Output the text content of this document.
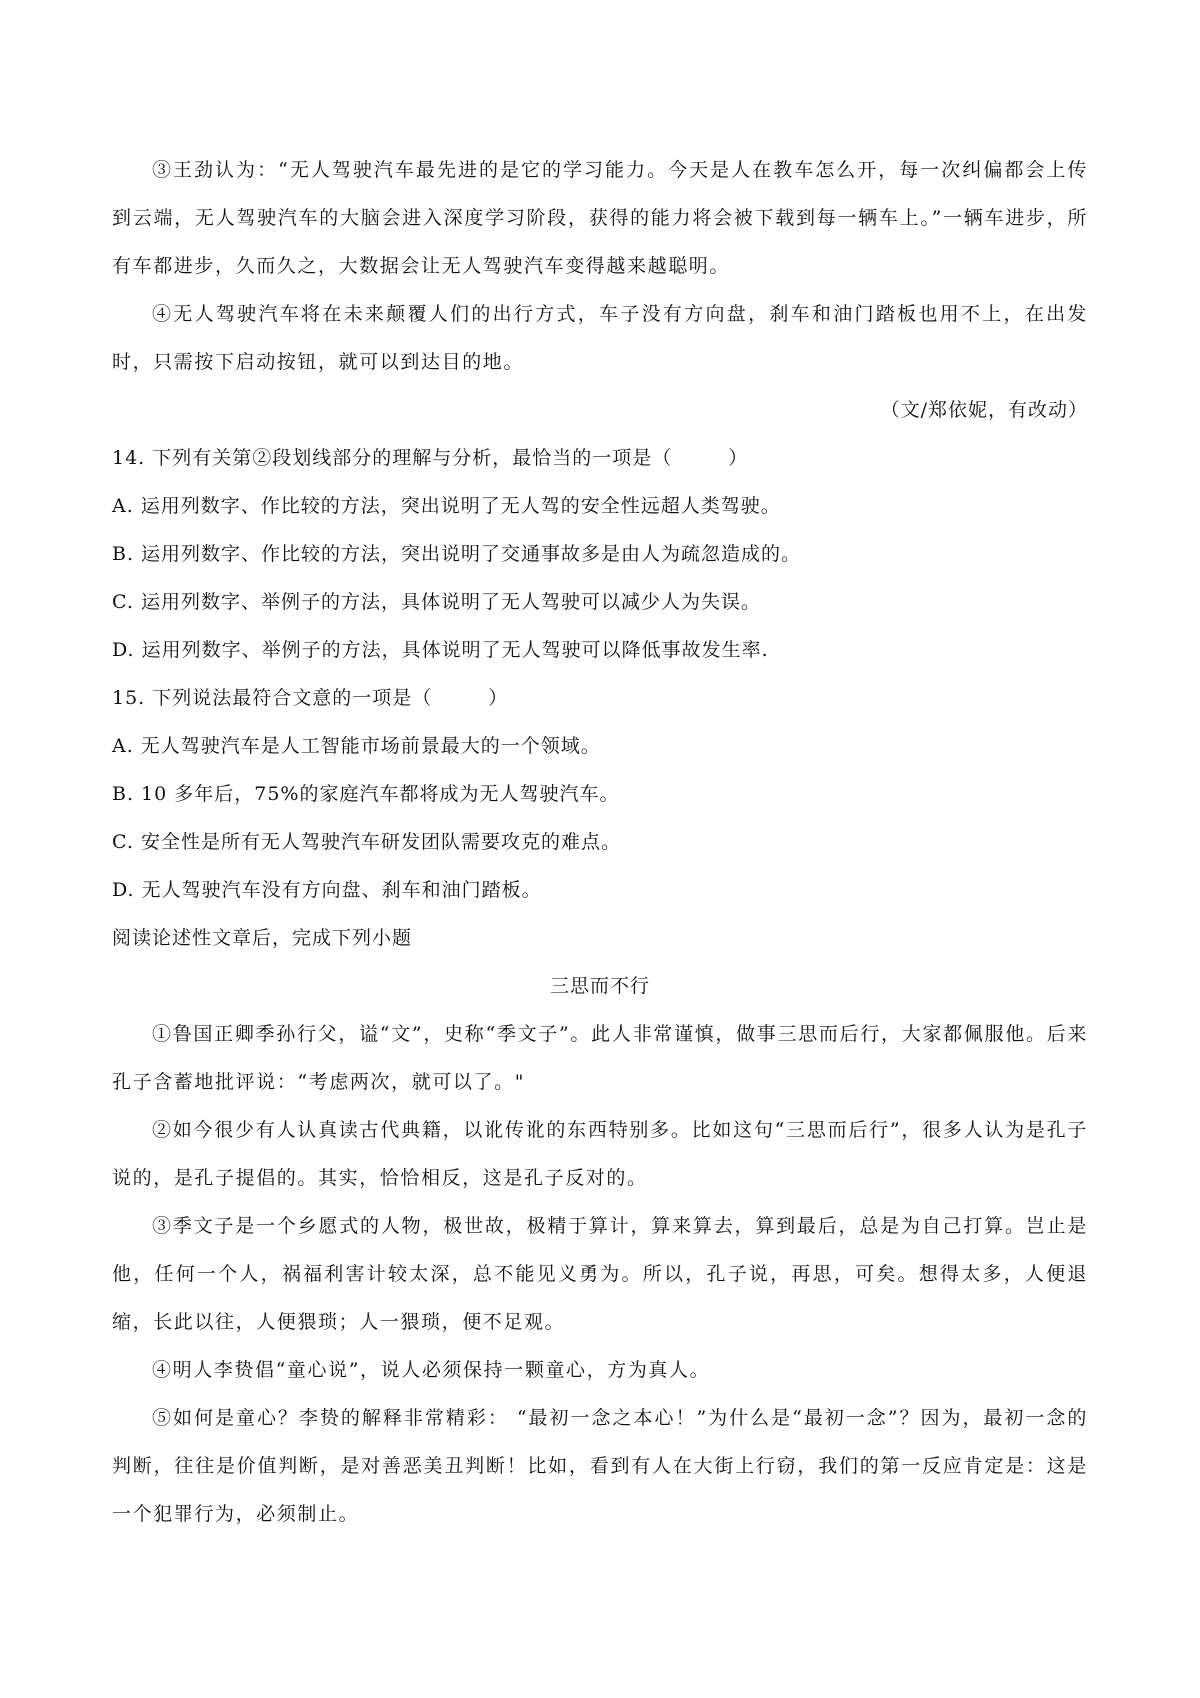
③王劲认为：“无人驾驶汽车最先进的是它的学习能力。今天是人在教车怎么开，每一次纠偏都会上传到云端，无人驾驶汽车的大脑会进入深度学习阶段，获得的能力将会被下载到每一辆车上。”一辆车进步，所有车都进步，久而久之，大数据会让无人驾驶汽车变得越来越聪明。

④无人驾驶汽车将在未来颠覆人们的出行方式，车子没有方向盘，刹车和油门踏板也用不上，在出发时，只需按下启动按钮，就可以到达目的地。

（文/郑依妮，有改动）

14. 下列有关第②段划线部分的理解与分析，最恰当的一项是（	）

A. 运用列数字、作比较的方法，突出说明了无人驾的安全性远超人类驾驶。

B. 运用列数字、作比较的方法，突出说明了交通事故多是由人为疏忽造成的。

C. 运用列数字、举例子的方法，具体说明了无人驾驶可以减少人为失误。

D. 运用列数字、举例子的方法，具体说明了无人驾驶可以降低事故发生率.

15. 下列说法最符合文意的一项是（	）

A. 无人驾驶汽车是人工智能市场前景最大的一个领域。

B. 10 多年后，75%的家庭汽车都将成为无人驾驶汽车。

C. 安全性是所有无人驾驶汽车研发团队需要攻克的难点。

D. 无人驾驶汽车没有方向盘、刹车和油门踏板。

阅读论述性文章后，完成下列小题

三思而不行

①鲁国正卿季孙行父，谥“文”，史称“季文子”。此人非常谨慎，做事三思而后行，大家都佩服他。后来孔子含蓄地批评说：“考虑两次，就可以了。"

②如今很少有人认真读古代典籍，以讹传讹的东西特别多。比如这句“三思而后行”，很多人认为是孔子说的，是孔子提倡的。其实，恰恰相反，这是孔子反对的。

③季文子是一个乡愿式的人物，极世故，极精于算计，算来算去，算到最后，总是为自己打算。岂止是他，任何一个人，祸福利害计较太深，总不能见义勇为。所以，孔子说，再思，可矣。想得太多，人便退缩，长此以往，人便猥琐；人一猥琐，便不足观。

④明人李贽倡“童心说”，说人必须保持一颗童心，方为真人。

⑤如何是童心？李贽的解释非常精彩： “最初一念之本心！”为什么是“最初一念”？因为，最初一念的判断，往往是价值判断，是对善恶美丑判断！比如，看到有人在大街上行窃，我们的第一反应肯定是：这是一个犯罪行为，必须制止。
